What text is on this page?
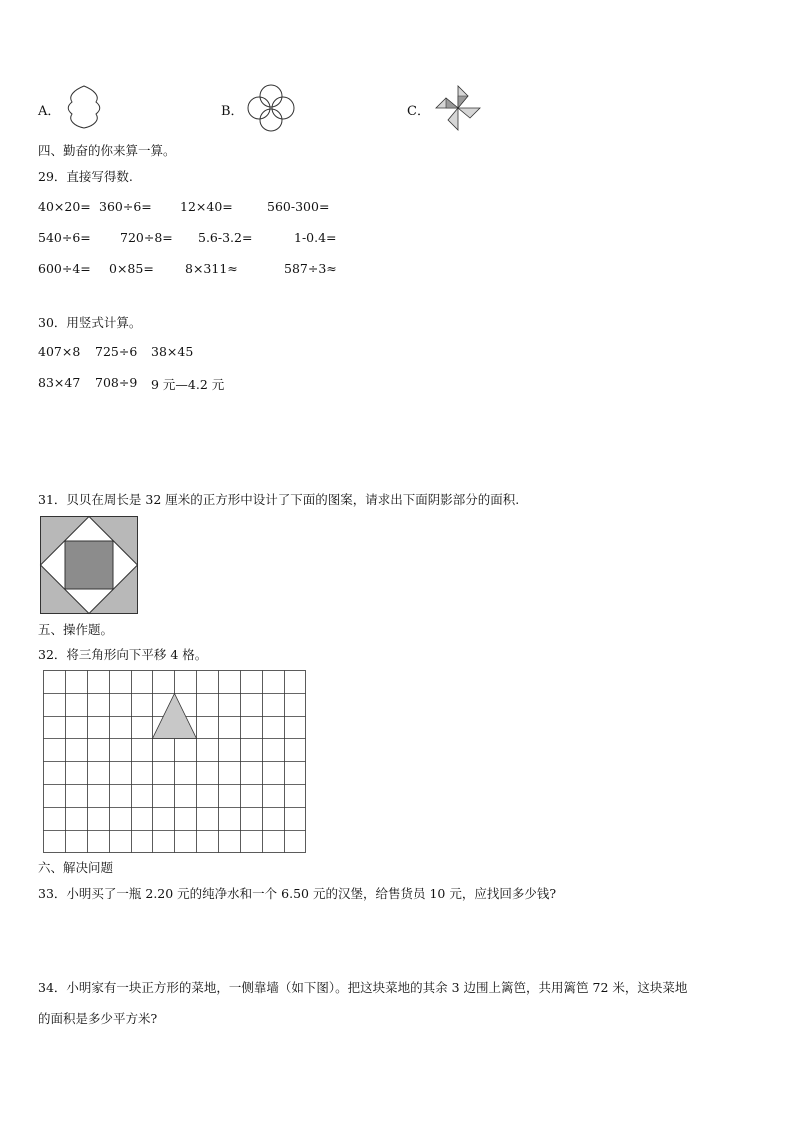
A．	B．	C．
四、勤奋的你来算一算。
29．直接写得数.
40×20= 360÷6= 12×40=	560-300=
540÷6= 720÷8= 5.6-3.2=	1-0.4=
600÷4= 0×85= 8×311≈	587÷3≈
30．用竖式计算。
407×8 725÷6 38×45
83×47 708÷9 9 元—4.2 元
31．贝贝在周长是 32 厘米的正方形中设计了下面的图案，请求出下面阴影部分的面积.
五、操作题。
32．将三角形向下平移 4 格。
六、解决问题
33．小明买了一瓶 2.20 元的纯净水和一个 6.50 元的汉堡，给售货员 10 元，应找回多少钱?
34．小明家有一块正方形的菜地，一侧靠墙（如下图）。把这块菜地的其余 3 边围上篱笆，共用篱笆 72 米，这块菜地
的面积是多少平方米?
